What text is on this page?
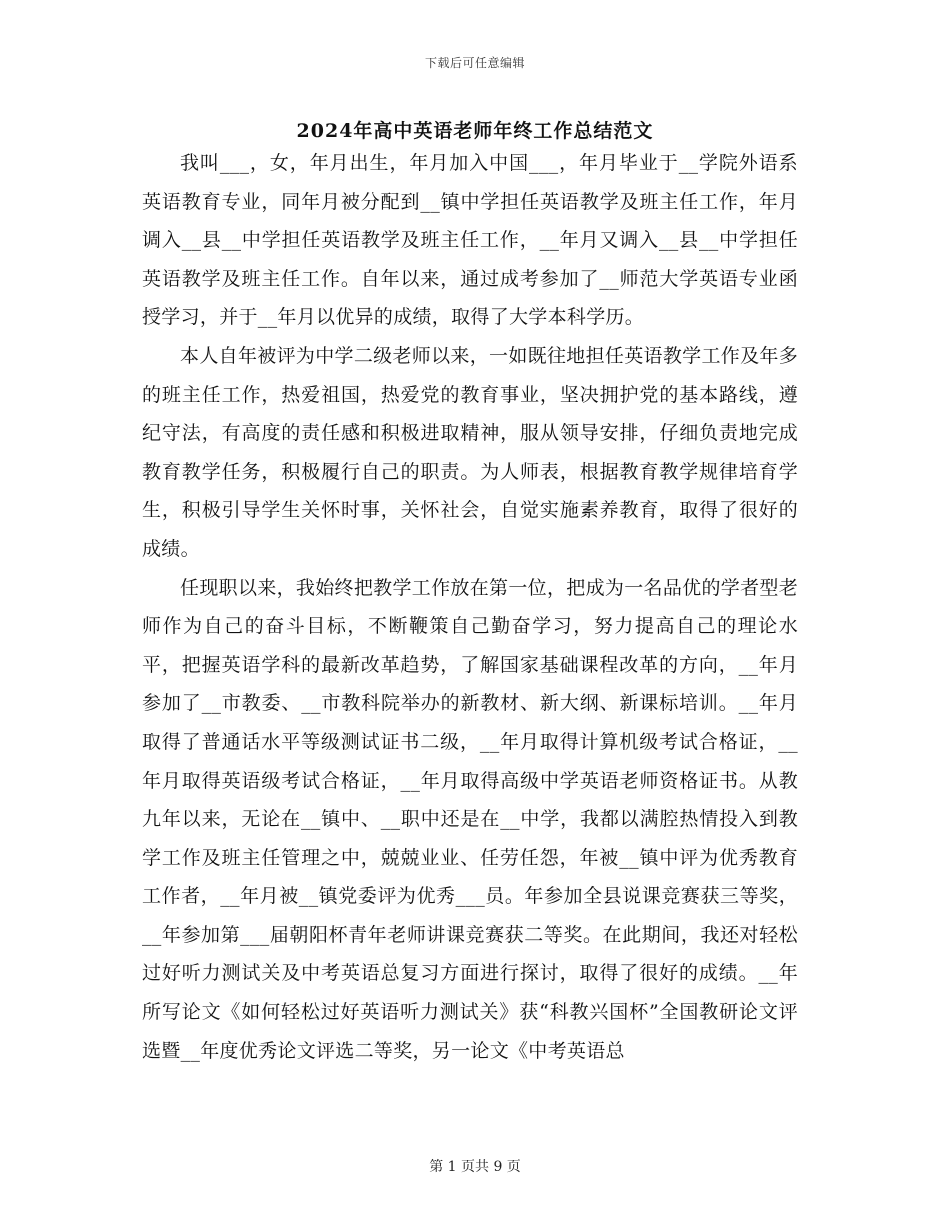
下载后可任意编辑
2024年高中英语老师年终工作总结范文

我叫___，女，年月出生，年月加入中国___，年月毕业于__学院外语系英语教育专业，同年月被分配到__镇中学担任英语教学及班主任工作，年月调入__县__中学担任英语教学及班主任工作，__年月又调入__县__中学担任英语教学及班主任工作。自年以来，通过成考参加了__师范大学英语专业函授学习，并于__年月以优异的成绩，取得了大学本科学历。

本人自年被评为中学二级老师以来，一如既往地担任英语教学工作及年多的班主任工作，热爱祖国，热爱党的教育事业，坚决拥护党的基本路线，遵纪守法，有高度的责任感和积极进取精神，服从领导安排，仔细负责地完成教育教学任务，积极履行自己的职责。为人师表，根据教育教学规律培育学生，积极引导学生关怀时事，关怀社会，自觉实施素养教育，取得了很好的成绩。

任现职以来，我始终把教学工作放在第一位，把成为一名品优的学者型老师作为自己的奋斗目标，不断鞭策自己勤奋学习，努力提高自己的理论水平，把握英语学科的最新改革趋势，了解国家基础课程改革的方向，__年月参加了__市教委、__市教科院举办的新教材、新大纲、新课标培训。__年月取得了普通话水平等级测试证书二级，__年月取得计算机级考试合格证，__年月取得英语级考试合格证，__年月取得高级中学英语老师资格证书。从教九年以来，无论在__镇中、__职中还是在__中学，我都以满腔热情投入到教学工作及班主任管理之中，兢兢业业、任劳任怨，年被__镇中评为优秀教育工作者，__年月被__镇党委评为优秀___员。年参加全县说课竞赛获三等奖，__年参加第___届朝阳杯青年老师讲课竞赛获二等奖。在此期间，我还对轻松过好听力测试关及中考英语总复习方面进行探讨，取得了很好的成绩。__年所写论文《如何轻松过好英语听力测试关》获“科教兴国杯”全国教研论文评选暨__年度优秀论文评选二等奖，另一论文《中考英语总

第 1 页共 9 页
